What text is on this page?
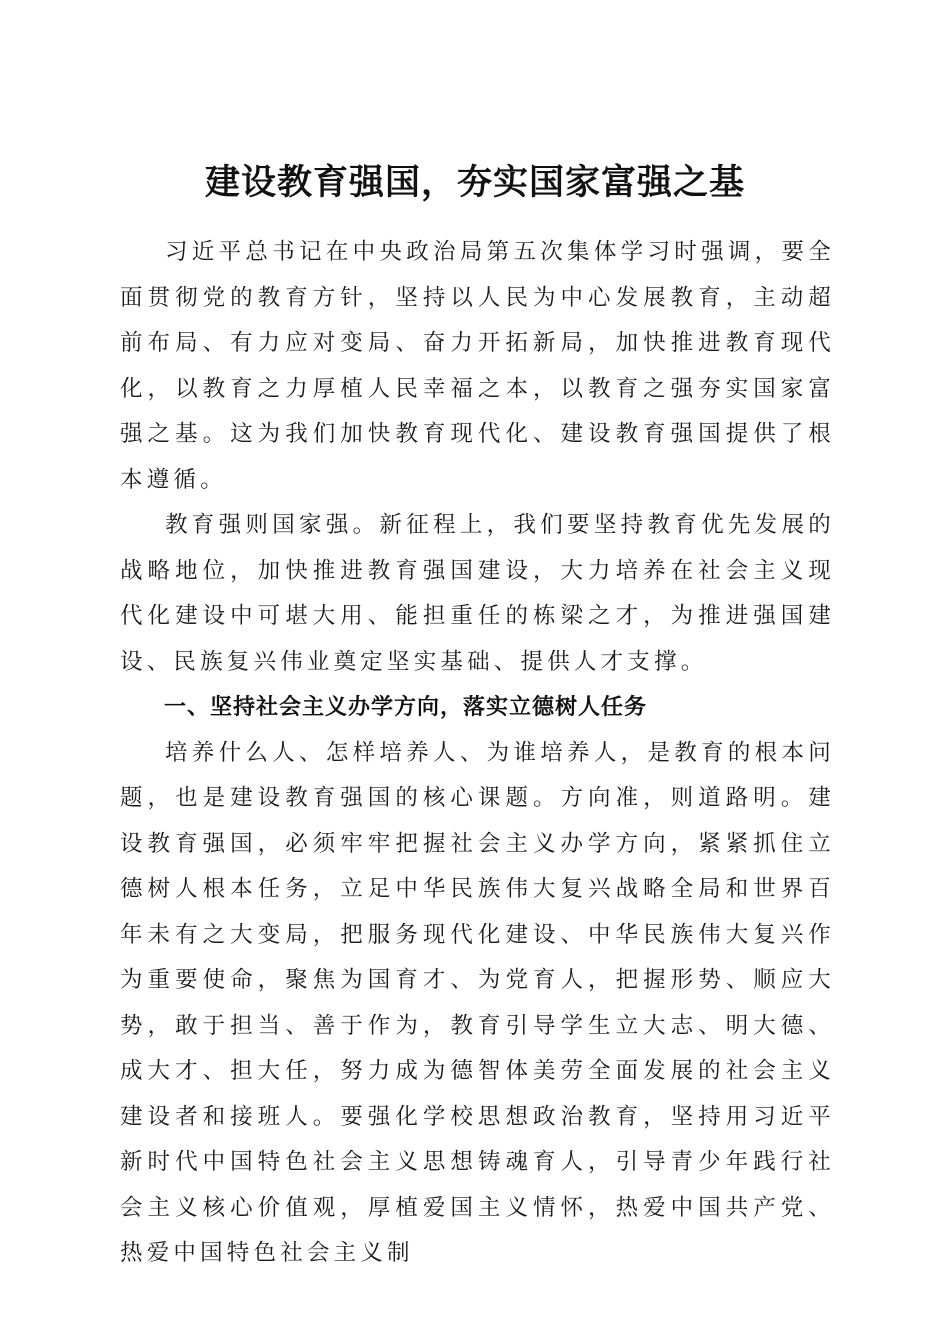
建设教育强国，夯实国家富强之基

习近平总书记在中央政治局第五次集体学习时强调，要全面贯彻党的教育方针，坚持以人民为中心发展教育，主动超前布局、有力应对变局、奋力开拓新局，加快推进教育现代化，以教育之力厚植人民幸福之本，以教育之强夯实国家富强之基。这为我们加快教育现代化、建设教育强国提供了根本遵循。

教育强则国家强。新征程上，我们要坚持教育优先发展的战略地位，加快推进教育强国建设，大力培养在社会主义现代化建设中可堪大用、能担重任的栋梁之才，为推进强国建设、民族复兴伟业奠定坚实基础、提供人才支撑。

一、坚持社会主义办学方向，落实立德树人任务

培养什么人、怎样培养人、为谁培养人，是教育的根本问题，也是建设教育强国的核心课题。方向准，则道路明。建设教育强国，必须牢牢把握社会主义办学方向，紧紧抓住立德树人根本任务，立足中华民族伟大复兴战略全局和世界百年未有之大变局，把服务现代化建设、中华民族伟大复兴作为重要使命，聚焦为国育才、为党育人，把握形势、顺应大势，敢于担当、善于作为，教育引导学生立大志、明大德、成大才、担大任，努力成为德智体美劳全面发展的社会主义建设者和接班人。要强化学校思想政治教育，坚持用习近平新时代中国特色社会主义思想铸魂育人，引导青少年践行社会主义核心价值观，厚植爱国主义情怀，热爱中国共产党、热爱中国特色社会主义制
